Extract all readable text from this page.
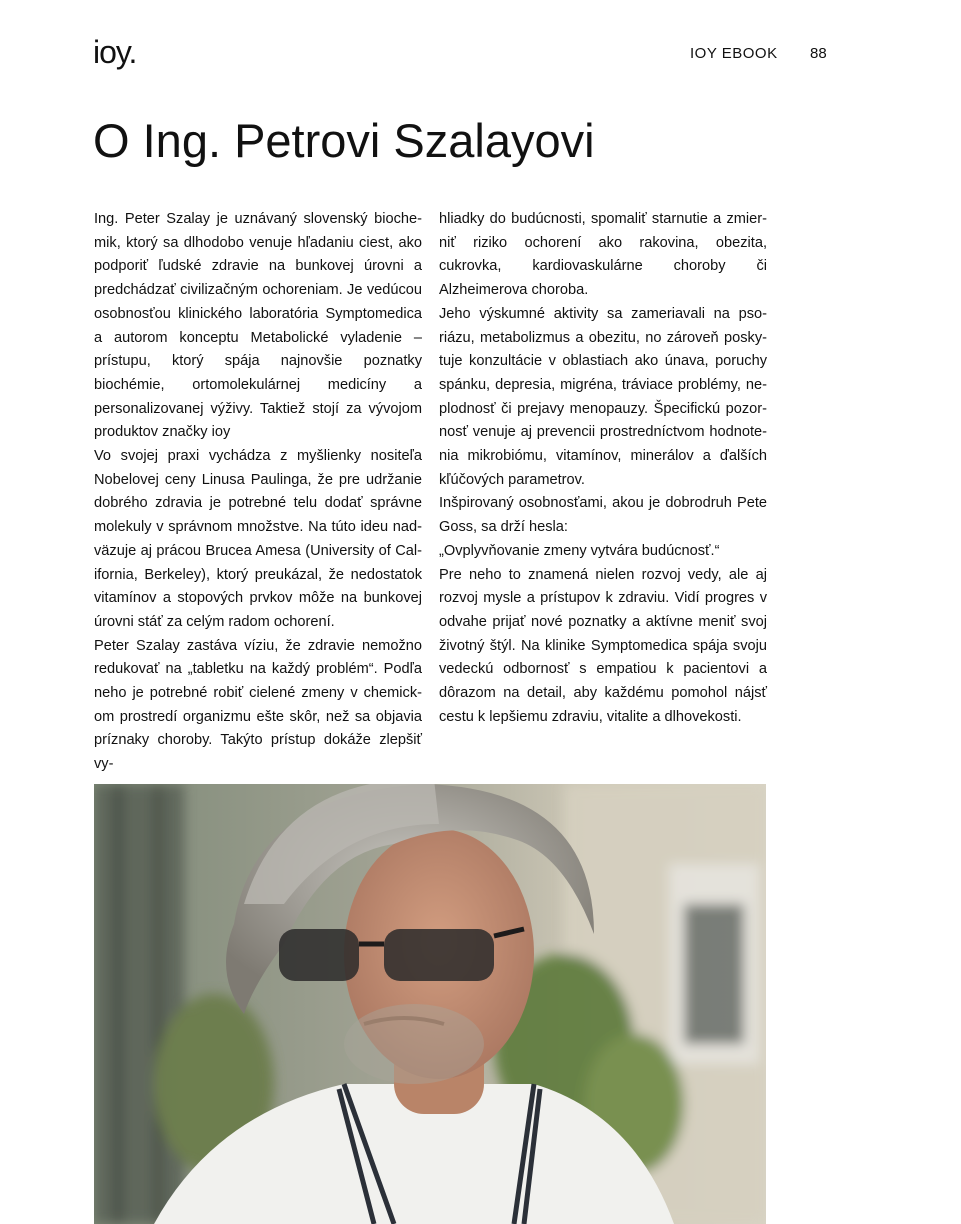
ioy.	IOY EBOOK 88
O Ing. Petrovi Szalayovi

Ing. Peter Szalay je uznávaný slovenský biochemik, ktorý sa dlhodobo venuje hľadaniu ciest, ako podporiť ľudské zdravie na bunkovej úrovni a predchádzať civilizačným ochoreniam. Je vedúcou osobnosťou klinického laboratória Symptomedica a autorom konceptu Metabolické vyladenie – prístupu, ktorý spája najnovšie poznatky biochémie, ortomolekulárnej medicíny a personalizovanej výživy. Taktiež stojí za vývojom produktov značky ioy

Vo svojej praxi vychádza z myšlienky nositeľa Nobelovej ceny Linusa Paulinga, že pre udržanie dobrého zdravia je potrebné telu dodať správne molekuly v správnom množstve. Na túto ideu nadväzuje aj prácou Brucea Amesa (University of California, Berkeley), ktorý preukázal, že nedostatok vitamínov a stopových prvkov môže na bunkovej úrovni stáť za celým radom ochorení.

Peter Szalay zastáva víziu, že zdravie nemožno redukovať na „tabletku na každý problém“. Podľa neho je potrebné robiť cielené zmeny v chemickom prostredí organizmu ešte skôr, než sa objavia príznaky choroby. Takýto prístup dokáže zlepšiť vy-

hliadky do budúcnosti, spomaliť starnutie a zmierniť riziko ochorení ako rakovina, obezita, cukrovka, kardiovaskulárne choroby či Alzheimerova choroba.

Jeho výskumné aktivity sa zameriavali na psoriázu, metabolizmus a obezitu, no zároveň poskytuje konzultácie v oblastiach ako únava, poruchy spánku, depresia, migréna, tráviace problémy, neplodnosť či prejavy menopauzy. Špecifickú pozornosť venuje aj prevencii prostredníctvom hodnotenia mikrobiómu, vitamínov, minerálov a ďalších kľúčových parametrov.

Inšpirovaný osobnosťami, akou je dobrodruh Pete Goss, sa drží hesla:

„Ovplyvňovanie zmeny vytvára budúcnosť.“

Pre neho to znamená nielen rozvoj vedy, ale aj rozvoj mysle a prístupov k zdraviu. Vidí progres v odvahe prijať nové poznatky a aktívne meniť svoj životný štýl. Na klinike Symptomedica spája svoju vedeckú odbornosť s empatiou k pacientovi a dôrazom na detail, aby každému pomohol nájsť cestu k lepšiemu zdraviu, vitalite a dlhovekosti.
